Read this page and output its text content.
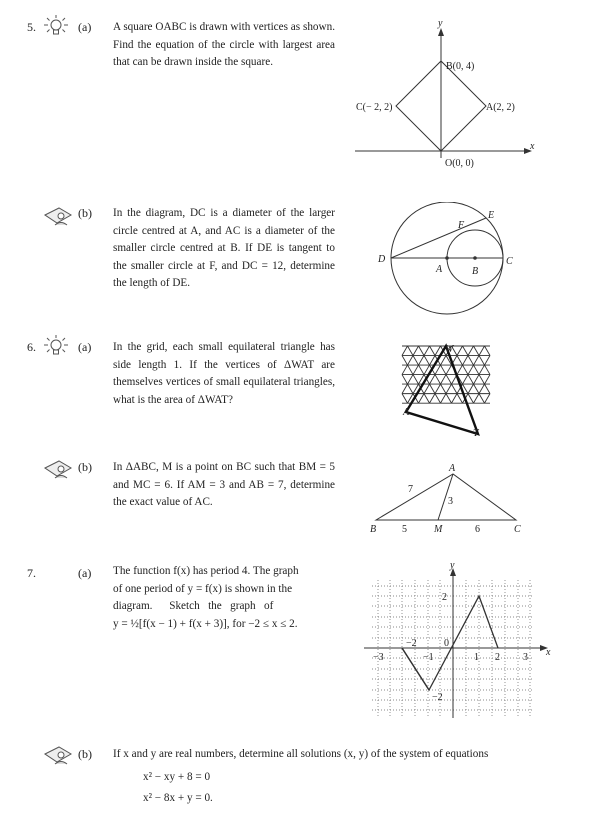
5.	(a) A square OABC is drawn with vertices as shown. Find the equation of the circle with largest area that can be drawn inside the square.
y
x
B(0, 4)
A(2, 2)
C(− 2, 2)
O(0, 0)
(b) In the diagram, DC is a diameter of the larger circle centred at A, and AC is a diameter of the smaller circle centred at B. If DE is tangent to the smaller circle at F, and DC = 12, determine the length of DE.
D
A	B
C
E
F
6.	(a) In the grid, each small equilateral triangle has side length 1. If the vertices of ΔWAT are themselves vertices of small equilateral triangles, what is the area of ΔWAT?
W
A
T
(b) In ΔABC, M is a point on BC such that BM = 5 and MC = 6. If AM = 3 and AB = 7, determine the exact value of AC.
A
B	C
M
7
3
5	6
7.	(a) The function f(x) has period 4. The graph
of one period of y = f(x) is shown in the
diagram.      Sketch   the   graph   of
y = ½[f(x − 1) + f(x + 3)], for −2 ≤ x ≤ 2.
y
x
−3
−2
−1
0
1 2 3
2
−2
(b) If x and y are real numbers, determine all solutions (x, y) of the system of equations
x² − xy + 8 = 0
x² − 8x + y = 0.
